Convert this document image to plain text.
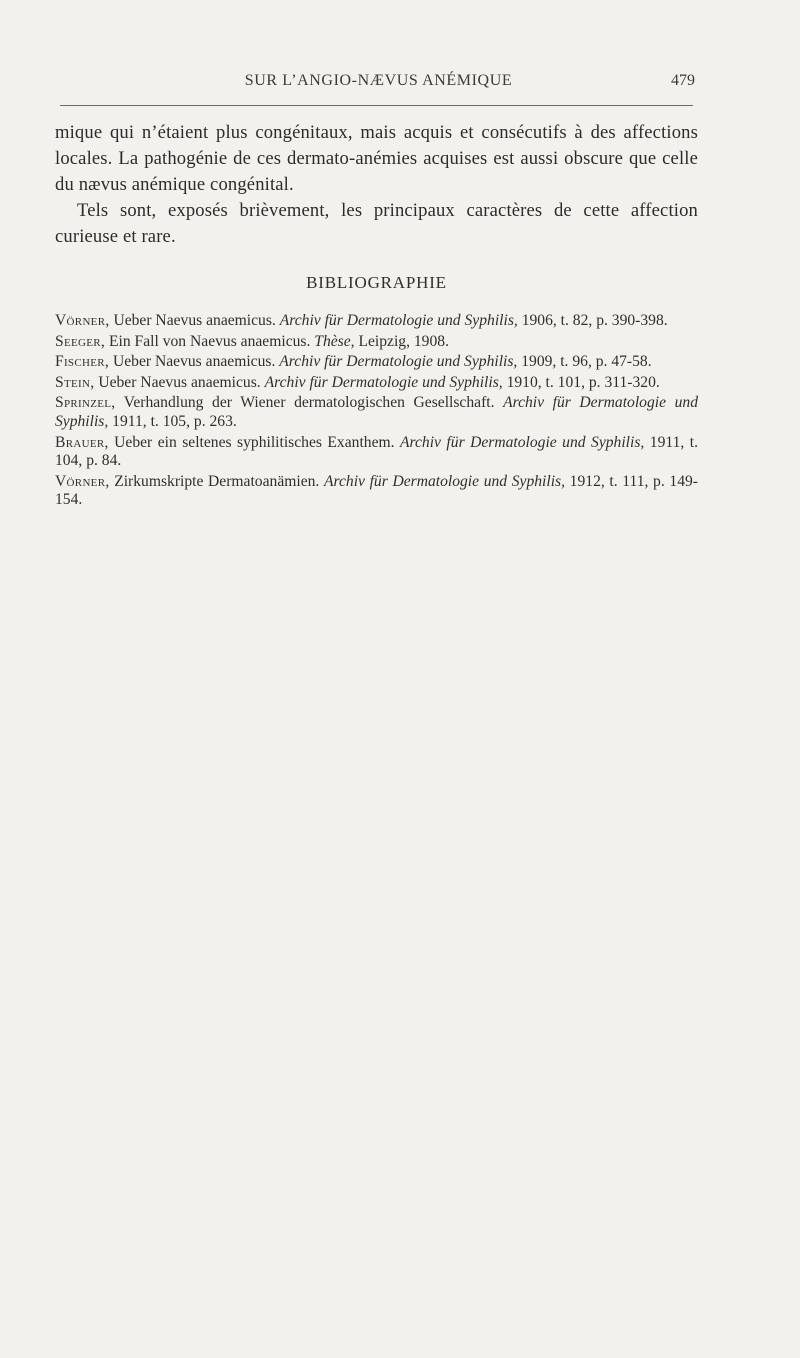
SUR L’ANGIO-NÆVUS ANÉMIQUE	479

mique qui n’étaient plus congénitaux, mais acquis et consécutifs à des affections locales. La pathogénie de ces dermato-anémies acquises est aussi obscure que celle du nævus anémique congénital.

Tels sont, exposés brièvement, les principaux caractères de cette affection curieuse et rare.

BIBLIOGRAPHIE

Vörner, Ueber Naevus anaemicus. Archiv für Dermatologie und Syphilis, 1906, t. 82, p. 390-398.

Seeger, Ein Fall von Naevus anaemicus. Thèse, Leipzig, 1908.

Fischer, Ueber Naevus anaemicus. Archiv für Dermatologie und Syphilis, 1909, t. 96, p. 47-58.

Stein, Ueber Naevus anaemicus. Archiv für Dermatologie und Syphilis, 1910, t. 101, p. 311-320.

Sprinzel, Verhandlung der Wiener dermatologischen Gesellschaft. Archiv für Dermatologie und Syphilis, 1911, t. 105, p. 263.

Brauer, Ueber ein seltenes syphilitisches Exanthem. Archiv für Dermatologie und Syphilis, 1911, t. 104, p. 84.

Vörner, Zirkumskripte Dermatoanämien. Archiv für Dermatologie und Syphilis, 1912, t. 111, p. 149-154.
